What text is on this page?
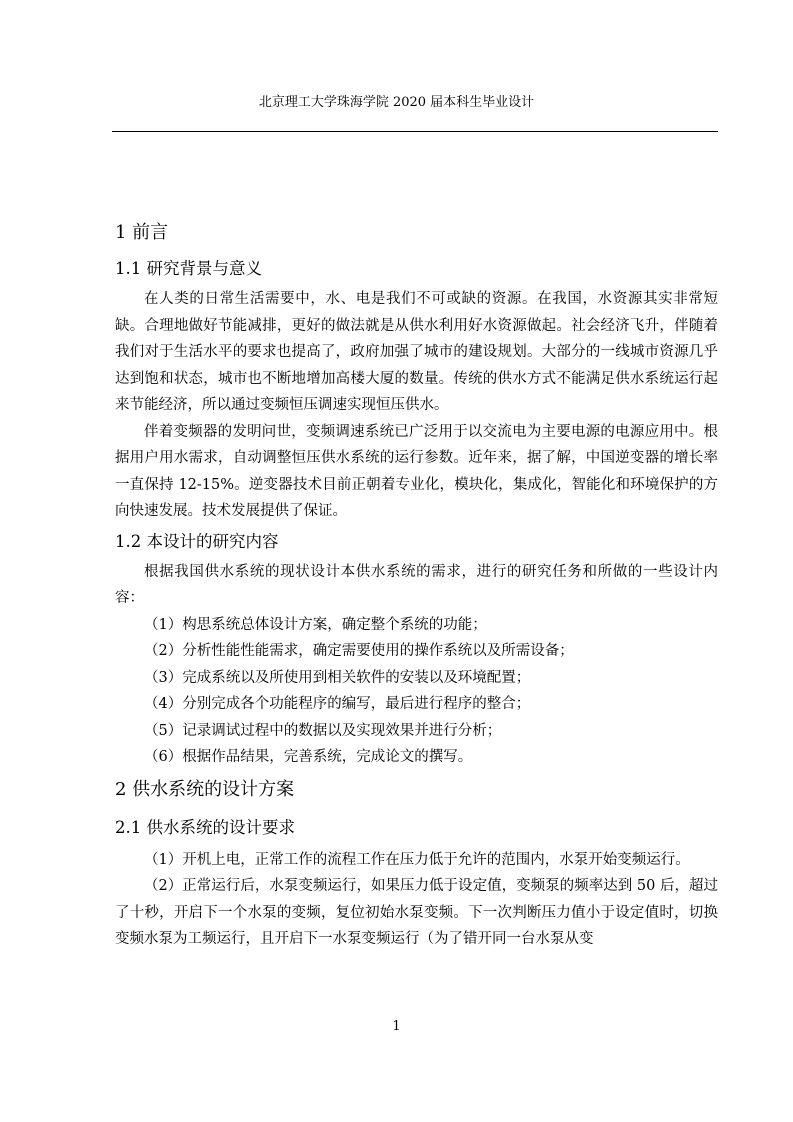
北京理工大学珠海学院 2020 届本科生毕业设计
1 前言
1.1 研究背景与意义

在人类的日常生活需要中，水、电是我们不可或缺的资源。在我国，水资源其实非常短缺。合理地做好节能减排，更好的做法就是从供水利用好水资源做起。社会经济飞升，伴随着我们对于生活水平的要求也提高了，政府加强了城市的建设规划。大部分的一线城市资源几乎达到饱和状态，城市也不断地增加高楼大厦的数量。传统的供水方式不能满足供水系统运行起来节能经济，所以通过变频恒压调速实现恒压供水。

伴着变频器的发明问世，变频调速系统已广泛用于以交流电为主要电源的电源应用中。根据用户用水需求，自动调整恒压供水系统的运行参数。近年来，据了解，中国逆变器的增长率一直保持 12-15%。逆变器技术目前正朝着专业化，模块化，集成化，智能化和环境保护的方向快速发展。技术发展提供了保证。

1.2 本设计的研究内容

根据我国供水系统的现状设计本供水系统的需求，进行的研究任务和所做的一些设计内容：

（1）构思系统总体设计方案，确定整个系统的功能；

（2）分析性能性能需求，确定需要使用的操作系统以及所需设备；

（3）完成系统以及所使用到相关软件的安装以及环境配置；

（4）分别完成各个功能程序的编写，最后进行程序的整合；

（5）记录调试过程中的数据以及实现效果并进行分析；

（6）根据作品结果，完善系统，完成论文的撰写。

2 供水系统的设计方案
2.1 供水系统的设计要求

（1）开机上电，正常工作的流程工作在压力低于允许的范围内，水泵开始变频运行。

（2）正常运行后，水泵变频运行，如果压力低于设定值，变频泵的频率达到 50 后，超过了十秒，开启下一个水泵的变频，复位初始水泵变频。下一次判断压力值小于设定值时，切换变频水泵为工频运行，且开启下一水泵变频运行（为了错开同一台水泵从变

1
